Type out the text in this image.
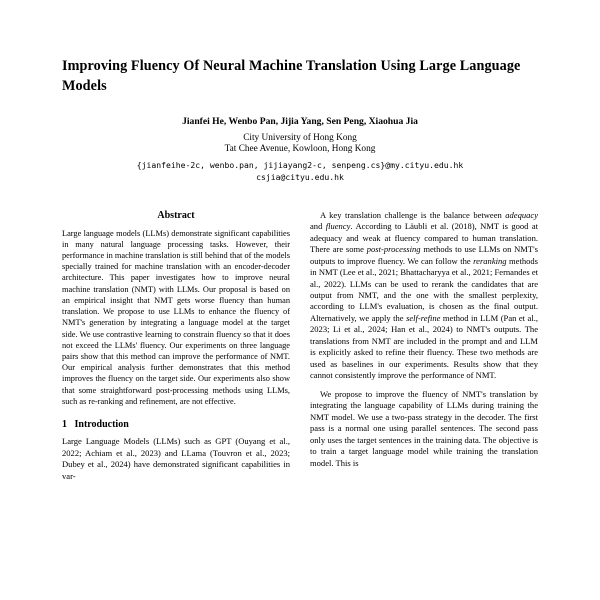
Improving Fluency Of Neural Machine Translation Using Large Language Models
Jianfei He, Wenbo Pan, Jijia Yang, Sen Peng, Xiaohua Jia
City University of Hong Kong
Tat Chee Avenue, Kowloon, Hong Kong
{jianfeihe-2c, wenbo.pan, jijiayang2-c, senpeng.cs}@my.cityu.edu.hk
csjia@cityu.edu.hk
Abstract

Large language models (LLMs) demonstrate significant capabilities in many natural language processing tasks. However, their performance in machine translation is still behind that of the models specially trained for machine translation with an encoder-decoder architecture. This paper investigates how to improve neural machine translation (NMT) with LLMs. Our proposal is based on an empirical insight that NMT gets worse fluency than human translation. We propose to use LLMs to enhance the fluency of NMT's generation by integrating a language model at the target side. We use contrastive learning to constrain fluency so that it does not exceed the LLMs' fluency. Our experiments on three language pairs show that this method can improve the performance of NMT. Our empirical analysis further demonstrates that this method improves the fluency on the target side. Our experiments also show that some straightforward post-processing methods using LLMs, such as re-ranking and refinement, are not effective.

1 Introduction

Large Language Models (LLMs) such as GPT (Ouyang et al., 2022; Achiam et al., 2023) and LLama (Touvron et al., 2023; Dubey et al., 2024) have demonstrated significant capabilities in var-

A key translation challenge is the balance between adequacy and fluency. According to Läubli et al. (2018), NMT is good at adequacy and weak at fluency compared to human translation. There are some post-processing methods to use LLMs on NMT's outputs to improve fluency. We can follow the reranking methods in NMT (Lee et al., 2021; Bhattacharyya et al., 2021; Fernandes et al., 2022). LLMs can be used to rerank the candidates that are output from NMT, and the one with the smallest perplexity, according to LLM's evaluation, is chosen as the final output. Alternatively, we apply the self-refine method in LLM (Pan et al., 2023; Li et al., 2024; Han et al., 2024) to NMT's outputs. The translations from NMT are included in the prompt and and LLM is explicitly asked to refine their fluency. These two methods are used as baselines in our experiments. Results show that they cannot consistently improve the performance of NMT.

We propose to improve the fluency of NMT's translation by integrating the language capability of LLMs during training the NMT model. We use a two-pass strategy in the decoder. The first pass is a normal one using parallel sentences. The second pass only uses the target sentences in the training data. The objective is to train a target language model while training the translation model. This is
